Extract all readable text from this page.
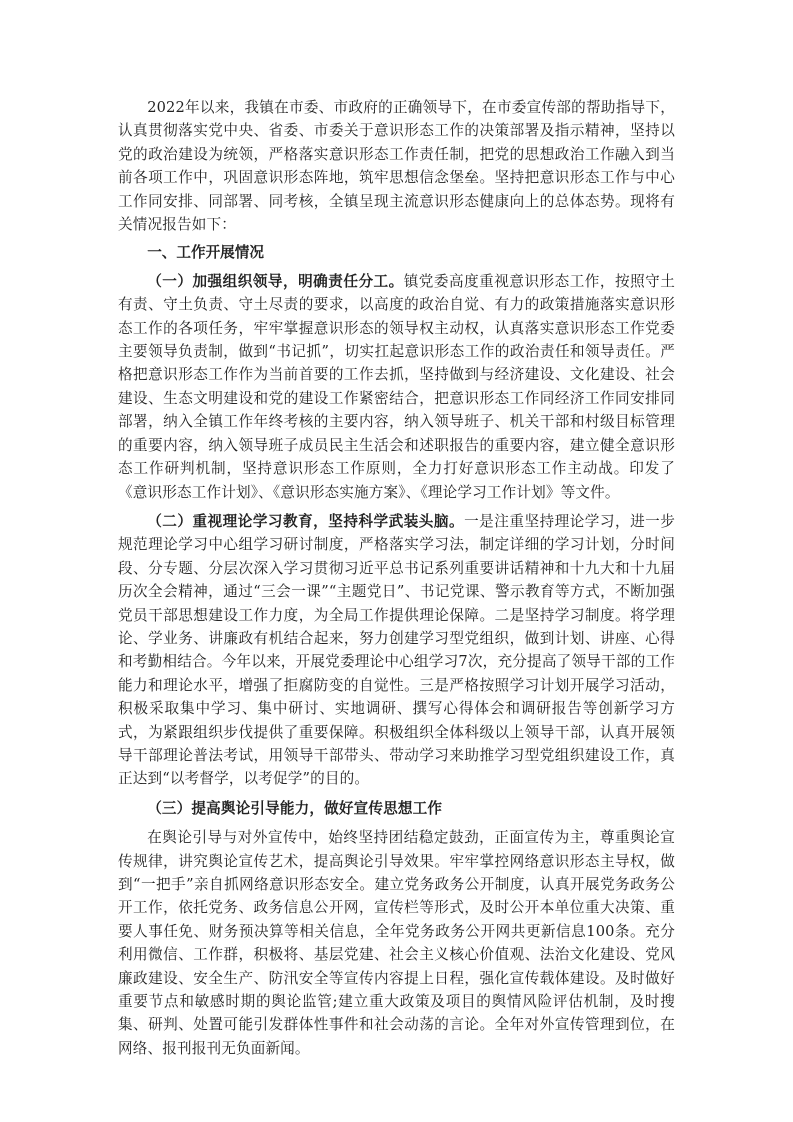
2022年以来，我镇在市委、市政府的正确领导下，在市委宣传部的帮助指导下，认真贯彻落实党中央、省委、市委关于意识形态工作的决策部署及指示精神，坚持以党的政治建设为统领，严格落实意识形态工作责任制，把党的思想政治工作融入到当前各项工作中，巩固意识形态阵地，筑牢思想信念堡垒。坚持把意识形态工作与中心工作同安排、同部署、同考核，全镇呈现主流意识形态健康向上的总体态势。现将有关情况报告如下：

一、工作开展情况

（一）加强组织领导，明确责任分工。镇党委高度重视意识形态工作，按照守土有责、守土负责、守土尽责的要求，以高度的政治自觉、有力的政策措施落实意识形态工作的各项任务，牢牢掌握意识形态的领导权主动权，认真落实意识形态工作党委主要领导负责制，做到“书记抓”，切实扛起意识形态工作的政治责任和领导责任。严格把意识形态工作作为当前首要的工作去抓，坚持做到与经济建设、文化建设、社会建设、生态文明建设和党的建设工作紧密结合，把意识形态工作同经济工作同安排同部署，纳入全镇工作年终考核的主要内容，纳入领导班子、机关干部和村级目标管理的重要内容，纳入领导班子成员民主生活会和述职报告的重要内容，建立健全意识形态工作研判机制，坚持意识形态工作原则，全力打好意识形态工作主动战。印发了《意识形态工作计划》、《意识形态实施方案》、《理论学习工作计划》等文件。

（二）重视理论学习教育，坚持科学武装头脑。一是注重坚持理论学习，进一步规范理论学习中心组学习研讨制度，严格落实学习法，制定详细的学习计划，分时间段、分专题、分层次深入学习贯彻习近平总书记系列重要讲话精神和十九大和十九届历次全会精神，通过“三会一课”“主题党日”、书记党课、警示教育等方式，不断加强党员干部思想建设工作力度，为全局工作提供理论保障。二是坚持学习制度。将学理论、学业务、讲廉政有机结合起来，努力创建学习型党组织，做到计划、讲座、心得和考勤相结合。今年以来，开展党委理论中心组学习7次，充分提高了领导干部的工作能力和理论水平，增强了拒腐防变的自觉性。三是严格按照学习计划开展学习活动，积极采取集中学习、集中研讨、实地调研、撰写心得体会和调研报告等创新学习方式，为紧跟组织步伐提供了重要保障。积极组织全体科级以上领导干部，认真开展领导干部理论普法考试，用领导干部带头、带动学习来助推学习型党组织建设工作，真正达到“以考督学，以考促学”的目的。

（三）提高舆论引导能力，做好宣传思想工作

在舆论引导与对外宣传中，始终坚持团结稳定鼓劲，正面宣传为主，尊重舆论宣传规律，讲究舆论宣传艺术，提高舆论引导效果。牢牢掌控网络意识形态主导权，做到“一把手”亲自抓网络意识形态安全。建立党务政务公开制度，认真开展党务政务公开工作，依托党务、政务信息公开网，宣传栏等形式，及时公开本单位重大决策、重要人事任免、财务预决算等相关信息，全年党务政务公开网共更新信息100条。充分利用微信、工作群，积极将、基层党建、社会主义核心价值观、法治文化建设、党风廉政建设、安全生产、防汛安全等宣传内容提上日程，强化宣传载体建设。及时做好重要节点和敏感时期的舆论监管;建立重大政策及项目的舆情风险评估机制，及时搜集、研判、处置可能引发群体性事件和社会动荡的言论。全年对外宣传管理到位，在网络、报刊报刊无负面新闻。
